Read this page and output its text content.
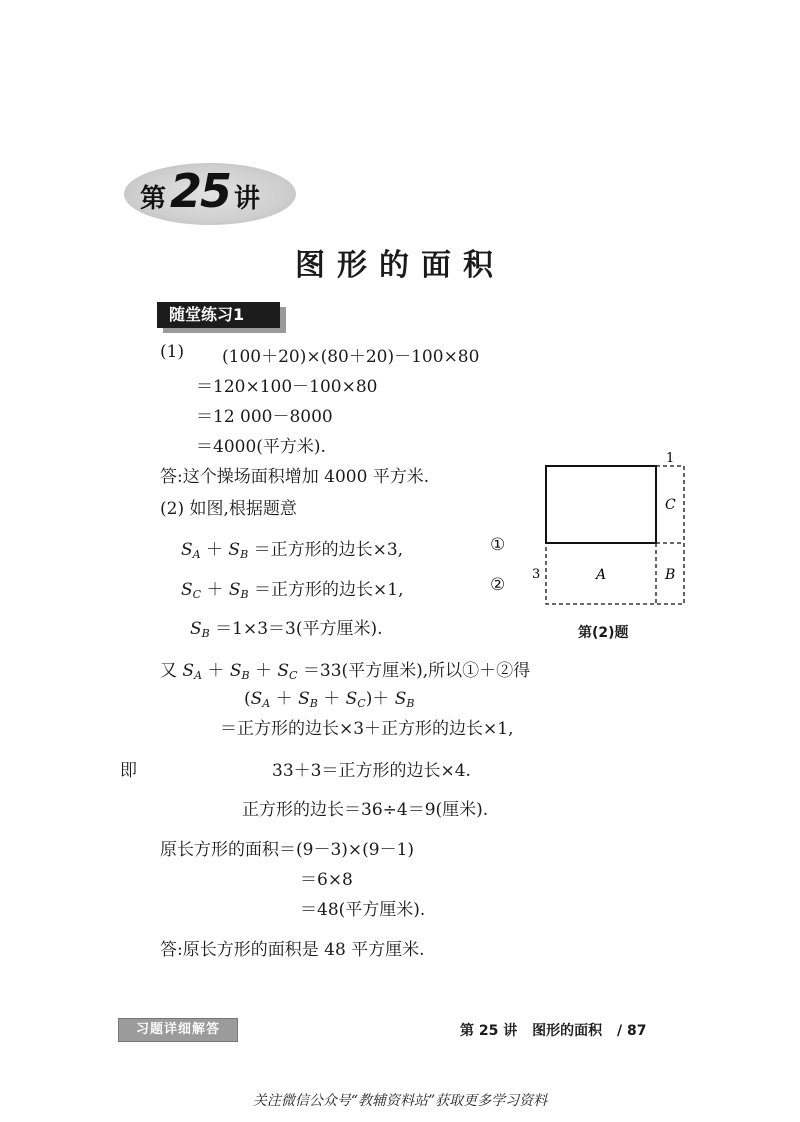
第 25 讲
图形的面积
随堂练习1
(1) (100＋20)×(80＋20)－100×80
＝120×100－100×80
＝12 000－8000
＝4000(平方米).
答:这个操场面积增加 4000 平方米.
(2) 如图,根据题意
$S_A + S_B$ ＝正方形的边长×3,	①
$S_C + S_B$ ＝正方形的边长×1,	②
$S_B =1\times 3=3$(平方厘米).
又 $S_A + S_B + S_C =33$(平方厘米),所以①＋②得
$(S_A + S_B + S_C)+ S_B$
＝正方形的边长×3＋正方形的边长×1,
即	33＋3＝正方形的边长×4.
正方形的边长＝36÷4＝9(厘米).
原长方形的面积＝(9－3)×(9－1)
＝6×8
＝48(平方厘米).
答:原长方形的面积是 48 平方厘米.
1
3	A	B
C
第(2)题
习题详细解答	第 25 讲 图形的面积 / 87
关注微信公众号“教辅资料站”获取更多学习资料
